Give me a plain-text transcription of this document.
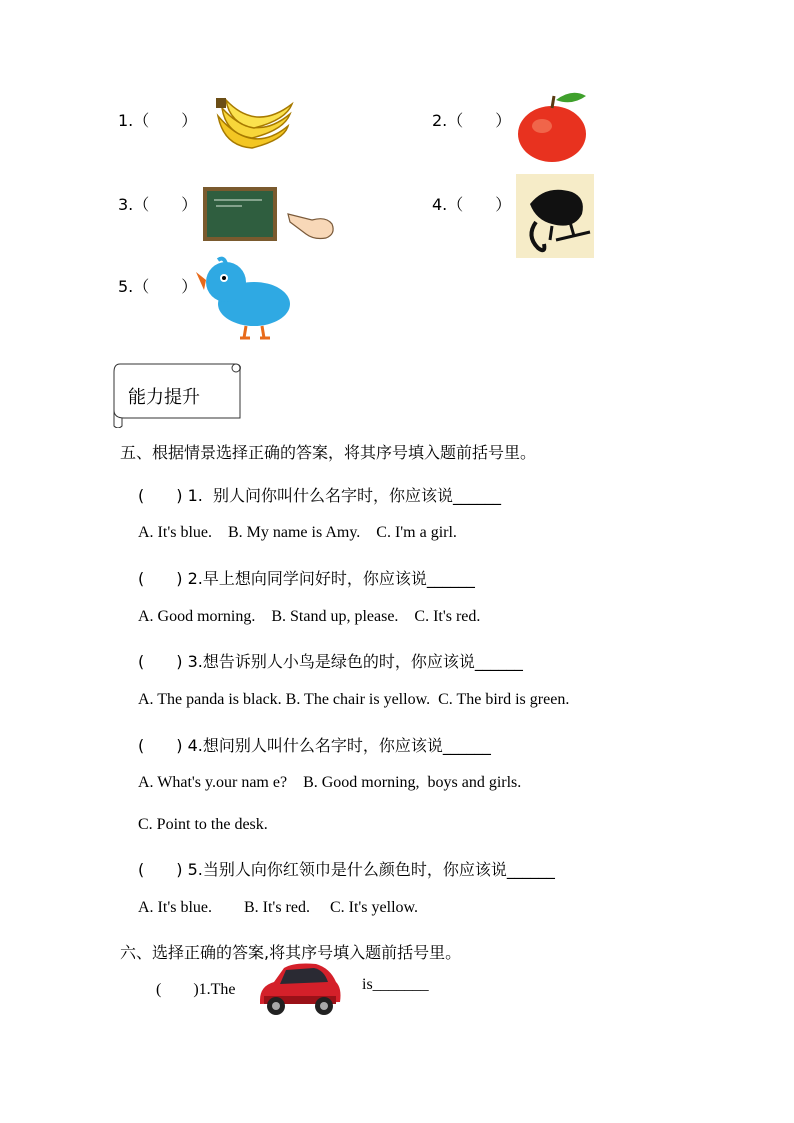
1.（　　）	2.（　　）
3.（　　）	4.（　　）
5.（　　）
能力提升
五、根据情景选择正确的答案，将其序号填入题前括号里。
(　　) 1.  别人问你叫什么名字时，你应该说______
A. It's blue.    B. My name is Amy.    C. I'm a girl.
(　　) 2.早上想向同学问好时，你应该说______
A. Good morning.    B. Stand up, please.    C. It's red.
(　　) 3.想告诉别人小鸟是绿色的时，你应该说______
A. The panda is black. B. The chair is yellow.  C. The bird is green.
(　　) 4.想问别人叫什么名字时，你应该说______
A. What's y.our nam e?    B. Good morning,  boys and girls.
C. Point to the desk.
(　　) 5.当别人向你红领巾是什么颜色时，你应该说______
A. It's blue.        B. It's red.     C. It's yellow.
六、选择正确的答案,将其序号填入题前括号里。
(　　)1.The	is_______
